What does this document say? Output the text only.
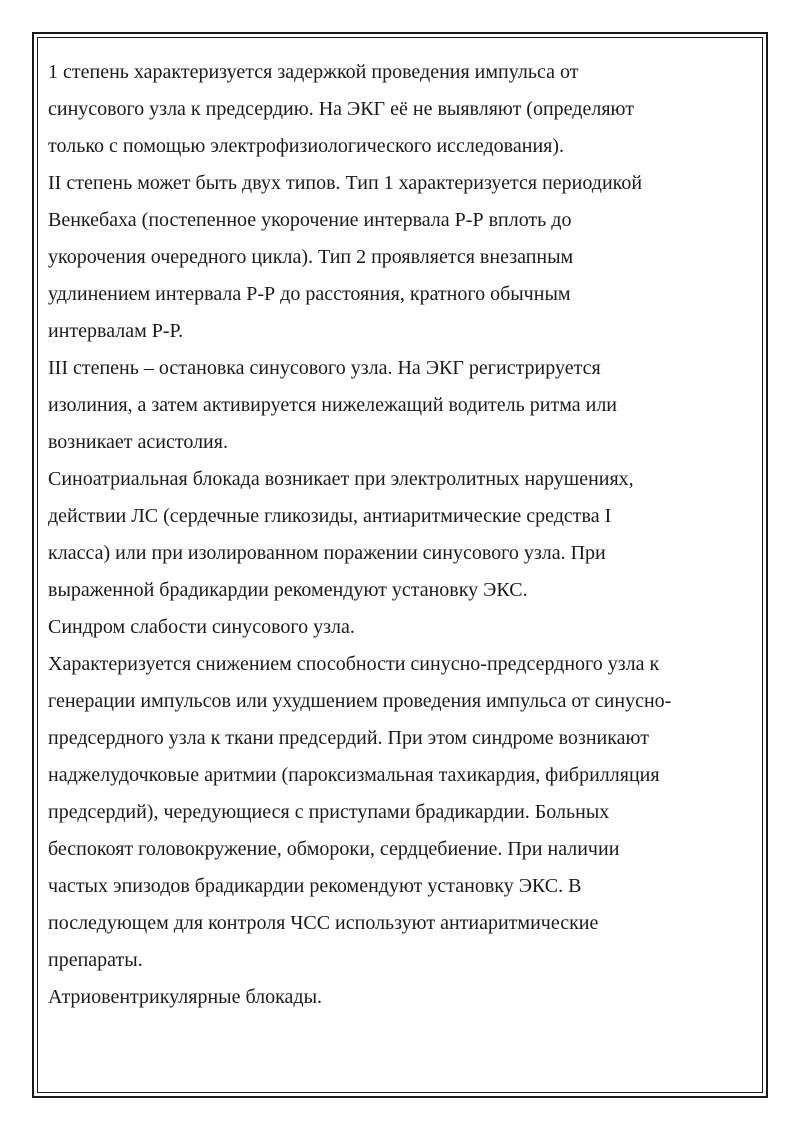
1 степень характеризуется задержкой проведения импульса от
синусового узла к предсердию. На ЭКГ её не выявляют (определяют
только с помощью электрофизиологического исследования).
II степень может быть двух типов. Тип 1 характеризуется периодикой
Венкебаха (постепенное укорочение интервала Р-Р вплоть до
укорочения очередного цикла). Тип 2 проявляется внезапным
удлинением интервала Р-Р до расстояния, кратного обычным
интервалам Р-Р.
III степень – остановка синусового узла. На ЭКГ регистрируется
изолиния, а затем активируется нижележащий водитель ритма или
возникает асистолия.
Синоатриальная блокада возникает при электролитных нарушениях,
действии ЛС (сердечные гликозиды, антиаритмические средства I
класса) или при изолированном поражении синусового узла. При
выраженной брадикардии рекомендуют установку ЭКС.
Синдром слабости синусового узла.
Характеризуется снижением способности синусно-предсердного узла к
генерации импульсов или ухудшением проведения импульса от синусно-
предсердного узла к ткани предсердий. При этом синдроме возникают
наджелудочковые аритмии (пароксизмальная тахикардия, фибрилляция
предсердий), чередующиеся с приступами брадикардии. Больных
беспокоят головокружение, обмороки, сердцебиение. При наличии
частых эпизодов брадикардии рекомендуют установку ЭКС. В
последующем для контроля ЧСС используют антиаритмические
препараты.
Атриовентрикулярные блокады.
